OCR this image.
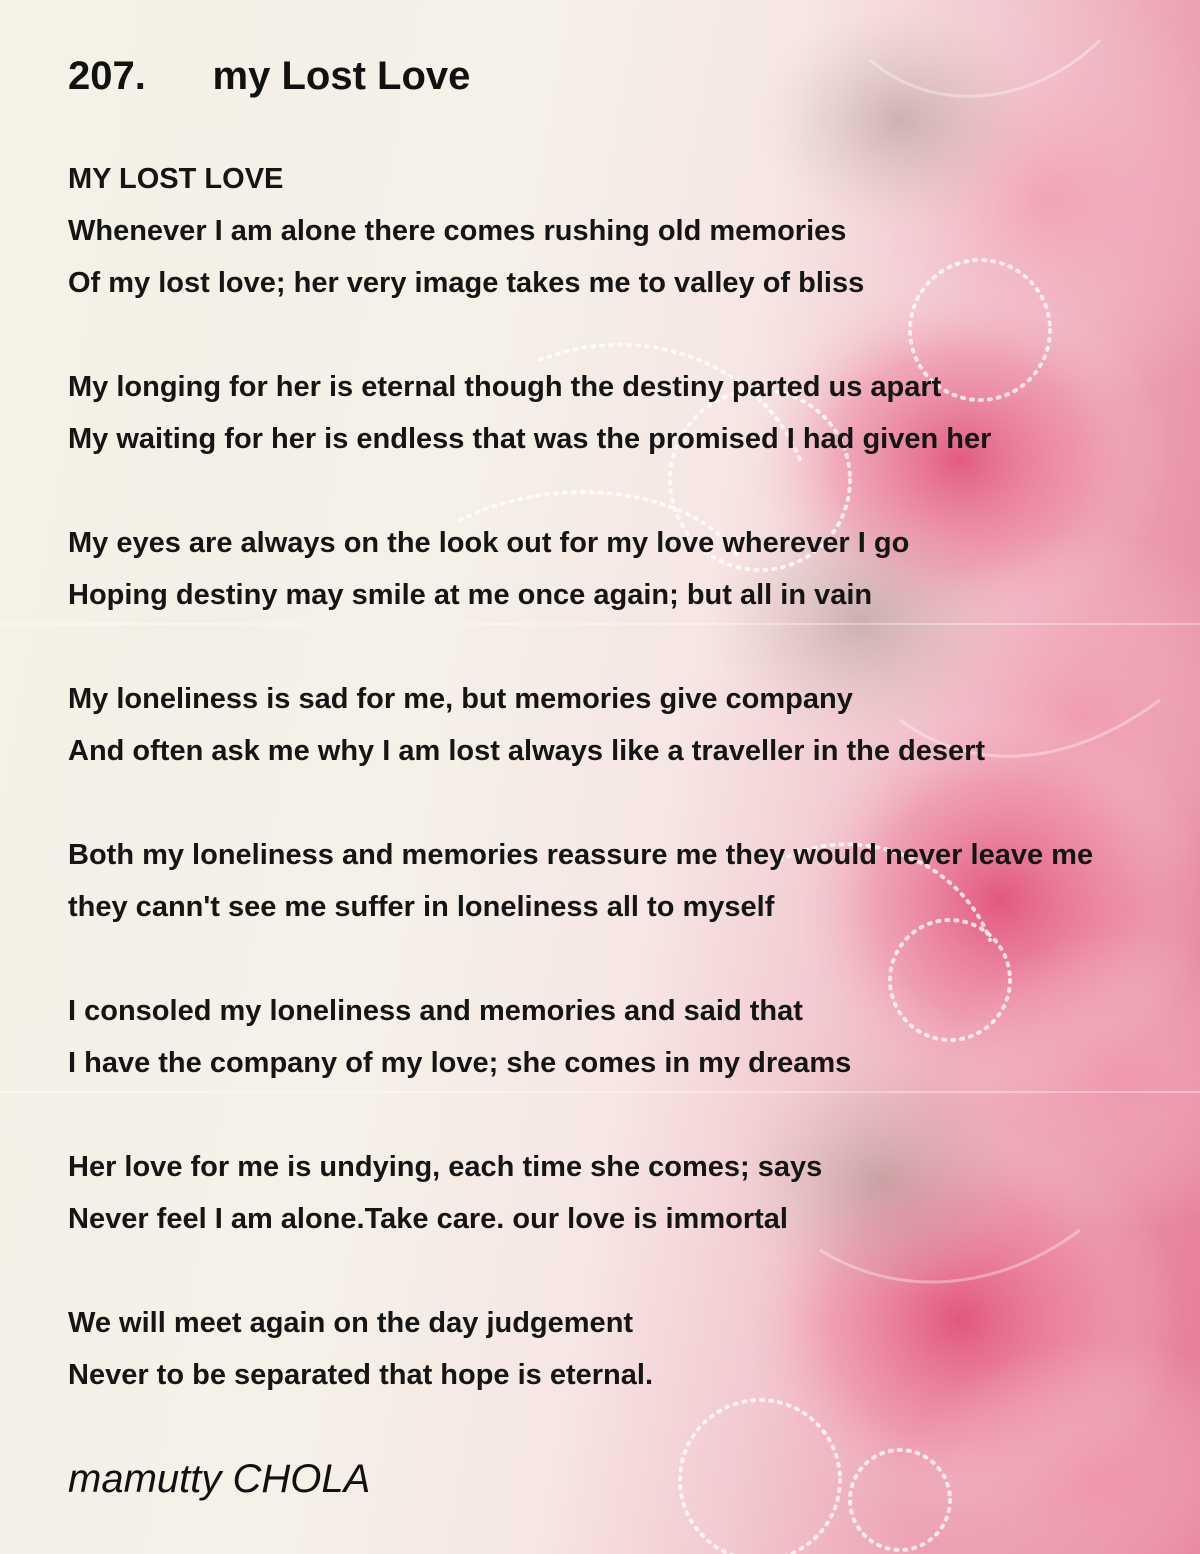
207.      my Lost Love
MY LOST LOVE
Whenever I am alone there comes rushing old memories
Of my lost love; her very image takes me to valley of bliss
My longing for her is eternal though the destiny parted us apart
My waiting for her is endless that was the promised I had given her
My eyes are always on the look out for my love wherever I go
Hoping destiny may smile at me once again; but all in vain
My loneliness is sad for me, but memories give company
And often ask me why I am lost always like a traveller in the desert
Both my loneliness and memories reassure me they would never leave me
they cann't see me suffer in loneliness all to myself
I consoled my loneliness and memories and said that
I have the company of my love; she comes in my dreams
Her love for me is undying, each time she comes; says
Never feel I am alone.Take care. our love is immortal
We will meet again on the day judgement
Never to be separated that hope is eternal.
mamutty CHOLA
